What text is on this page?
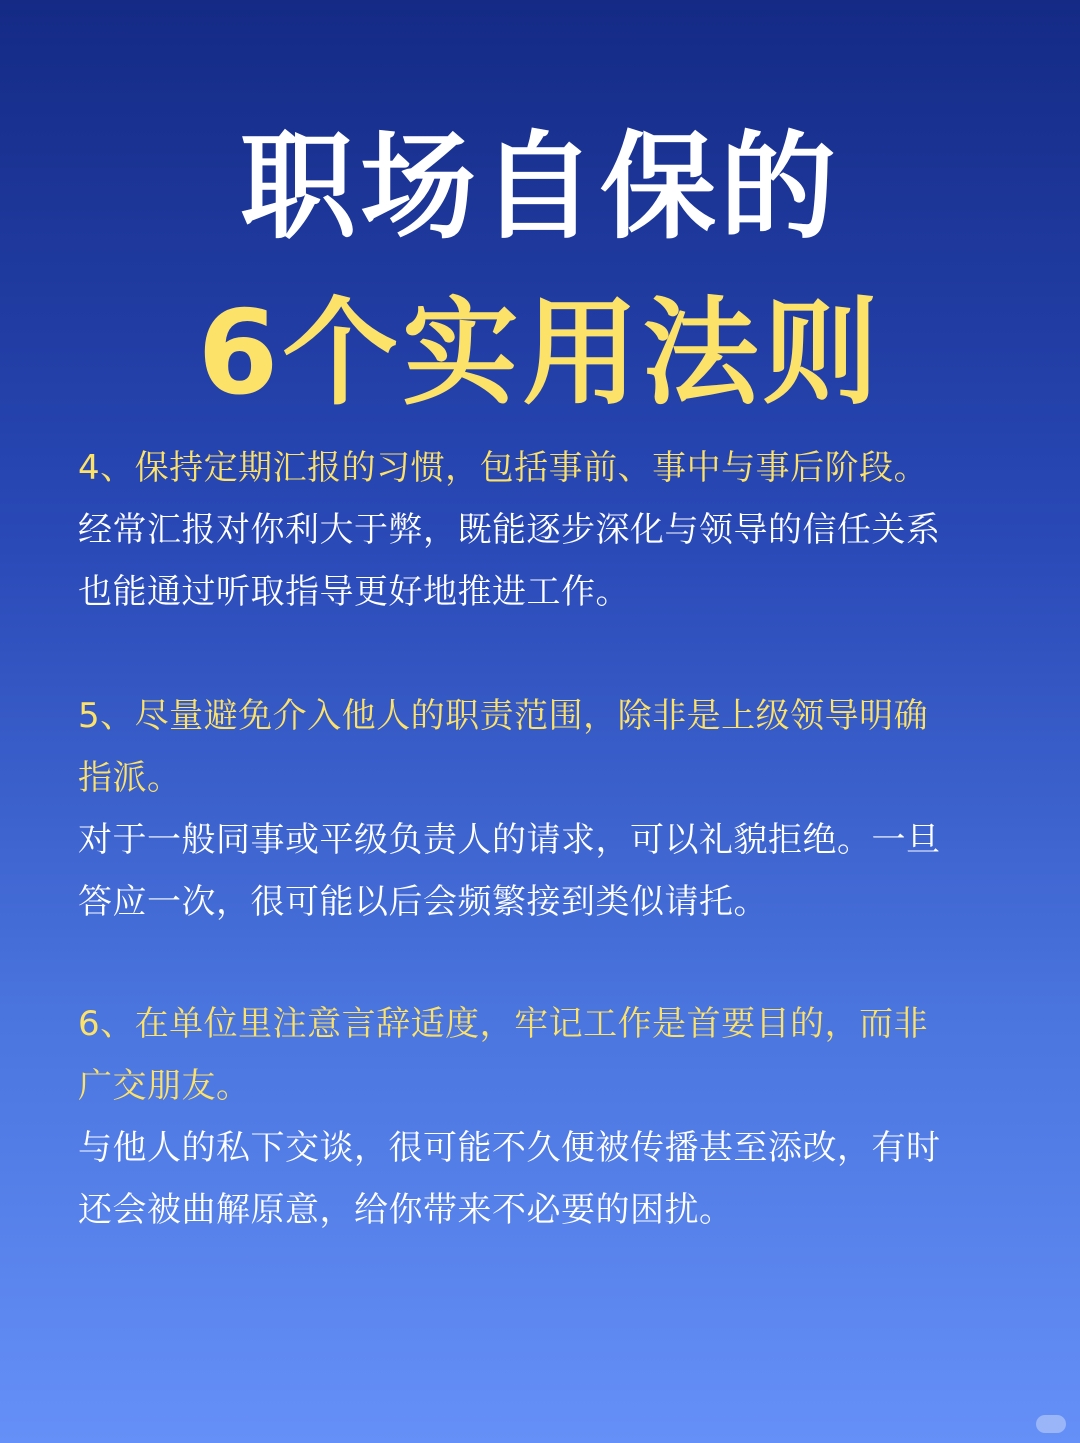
职场自保的
6个实用法则
4、保持定期汇报的习惯，包括事前、事中与事后阶段。
经常汇报对你利大于弊，既能逐步深化与领导的信任关系
也能通过听取指导更好地推进工作。
5、尽量避免介入他人的职责范围，除非是上级领导明确
指派。
对于一般同事或平级负责人的请求，可以礼貌拒绝。一旦
答应一次，很可能以后会频繁接到类似请托。
6、在单位里注意言辞适度，牢记工作是首要目的，而非
广交朋友。
与他人的私下交谈，很可能不久便被传播甚至添改，有时
还会被曲解原意，给你带来不必要的困扰。
